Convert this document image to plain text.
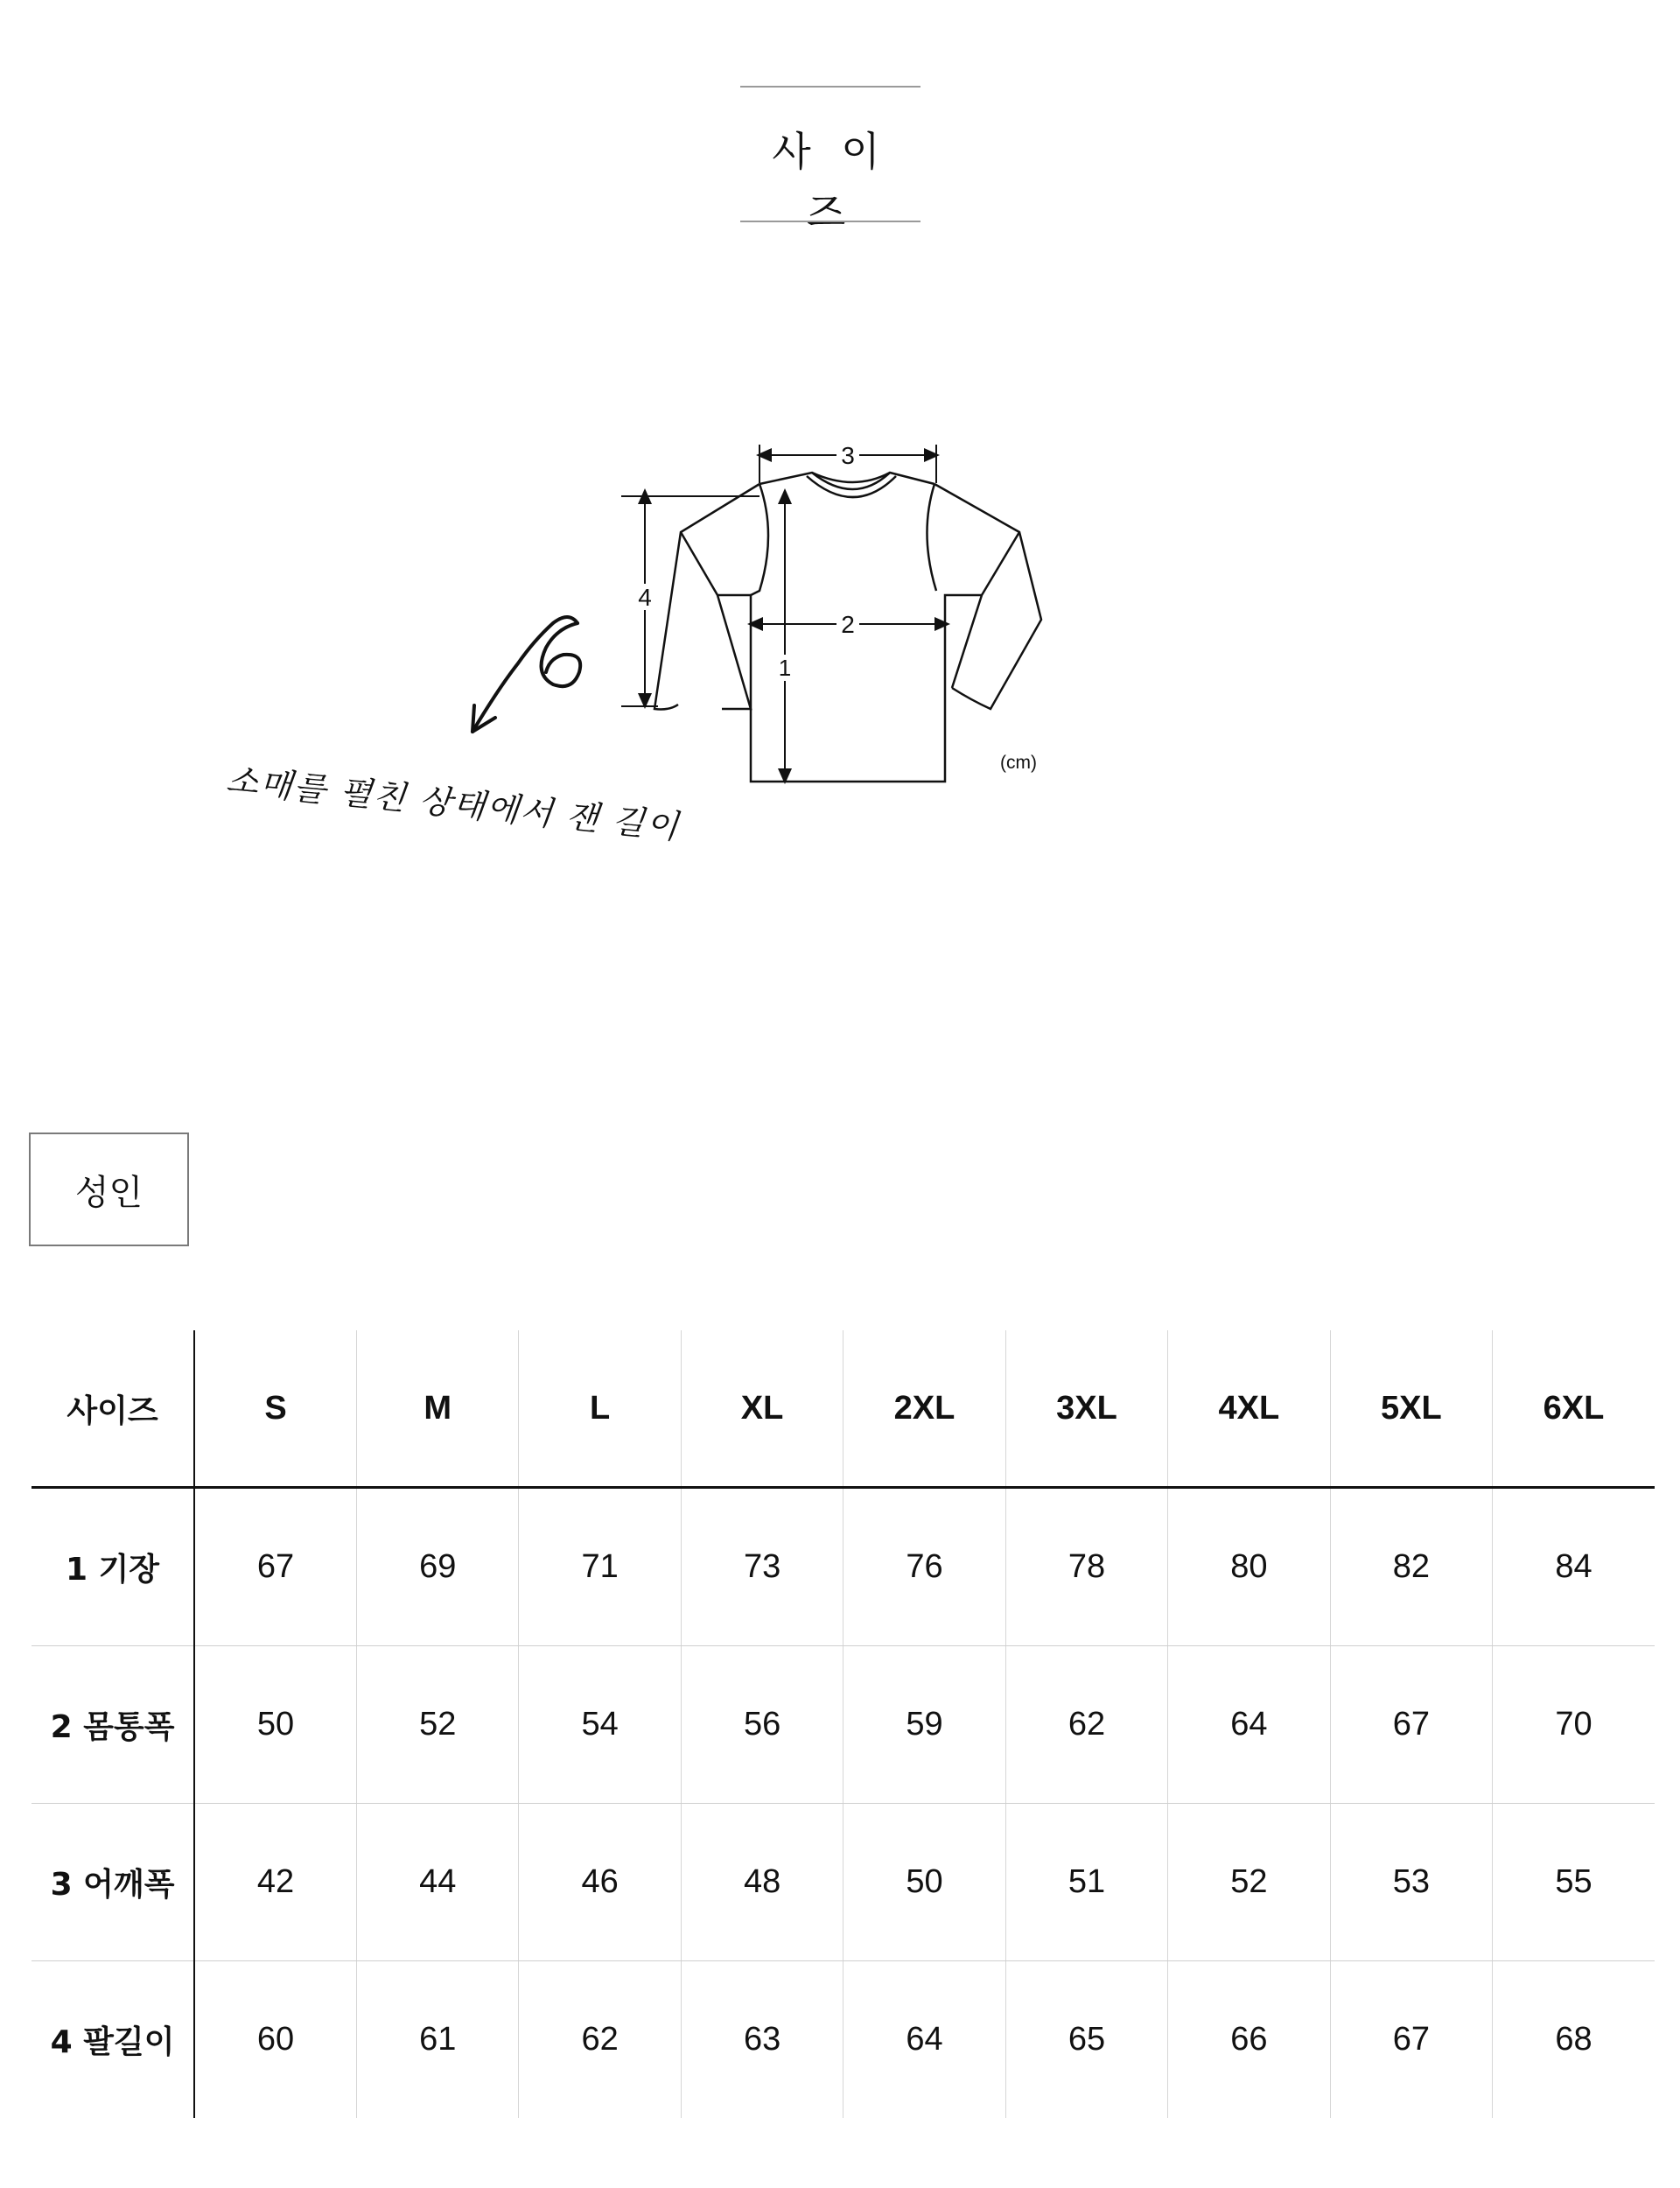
사 이 즈
3
2
1
4
소매를 펼친 상태에서 잰 길이	(cm)
성인
사이즈	S	M	L	XL	2XL	3XL	4XL	5XL	6XL
1 기장	67	69	71	73	76	78	80	82	84
2 몸통폭	50	52	54	56	59	62	64	67	70
3 어깨폭	42	44	46	48	50	51	52	53	55
4 팔길이	60	61	62	63	64	65	66	67	68
